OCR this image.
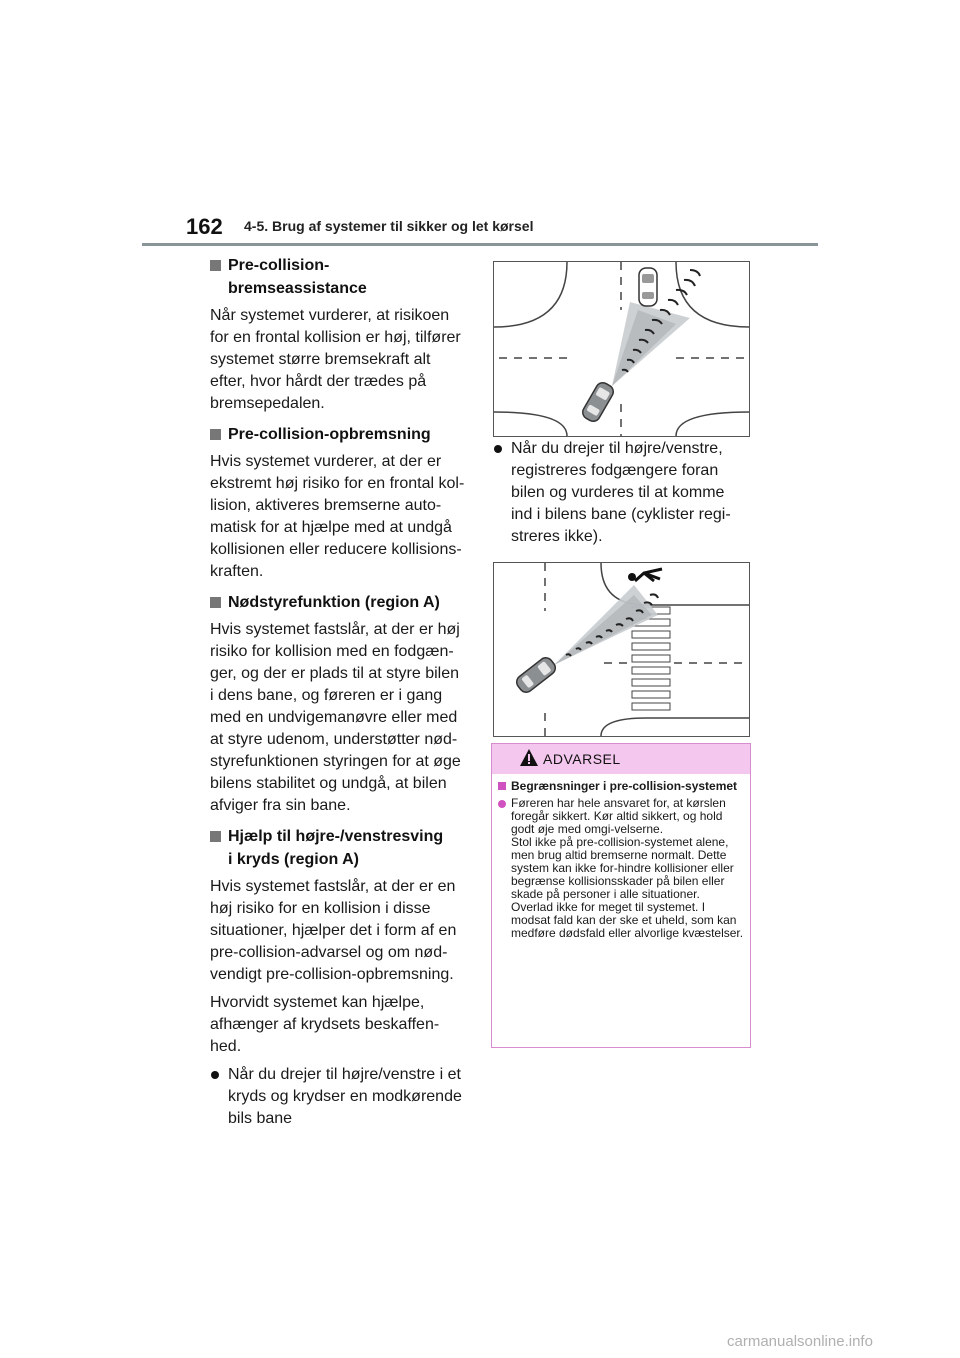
162 4-5. Brug af systemer til sikker og let kørsel
Pre-collision-
bremseassistance

Når systemet vurderer, at risikoen for en frontal kollision er høj, tilfører systemet større bremsekraft alt efter, hvor hårdt der trædes på bremsepedalen.

Pre-collision-opbremsning

Hvis systemet vurderer, at der er ekstremt høj risiko for en frontal kol-lision, aktiveres bremserne auto-matisk for at hjælpe med at undgå kollisionen eller reducere kollisions-kraften.

Nødstyrefunktion (region A)

Hvis systemet fastslår, at der er høj risiko for kollision med en fodgæn-ger, og der er plads til at styre bilen i dens bane, og føreren er i gang med en undvigemanøvre eller med at styre udenom, understøtter nød-styrefunktionen styringen for at øge bilens stabilitet og undgå, at bilen afviger fra sin bane.

Hjælp til højre-/venstresving
i kryds (region A)

Hvis systemet fastslår, at der er en høj risiko for en kollision i disse situationer, hjælper det i form af en pre-collision-advarsel og om nød-vendigt pre-collision-opbremsning.

Hvorvidt systemet kan hjælpe, afhænger af krydsets beskaffen-hed.

Når du drejer til højre/venstre i et kryds og krydser en modkørende bils bane
Når du drejer til højre/venstre, registreres fodgængere foran bilen og vurderes til at komme ind i bilens bane (cyklister regi-streres ikke).
ADVARSEL
Begrænsninger i pre-collision-systemet

Føreren har hele ansvaret for, at kørslen foregår sikkert. Kør altid sikkert, og hold godt øje med omgi-velserne.

Stol ikke på pre-collision-systemet alene, men brug altid bremserne normalt. Dette system kan ikke for-hindre kollisioner eller begrænse kollisionsskader på bilen eller skade på personer i alle situationer. Overlad ikke for meget til systemet. I modsat fald kan der ske et uheld, som kan medføre dødsfald eller alvorlige kvæstelser.

carmanualsonline.info
